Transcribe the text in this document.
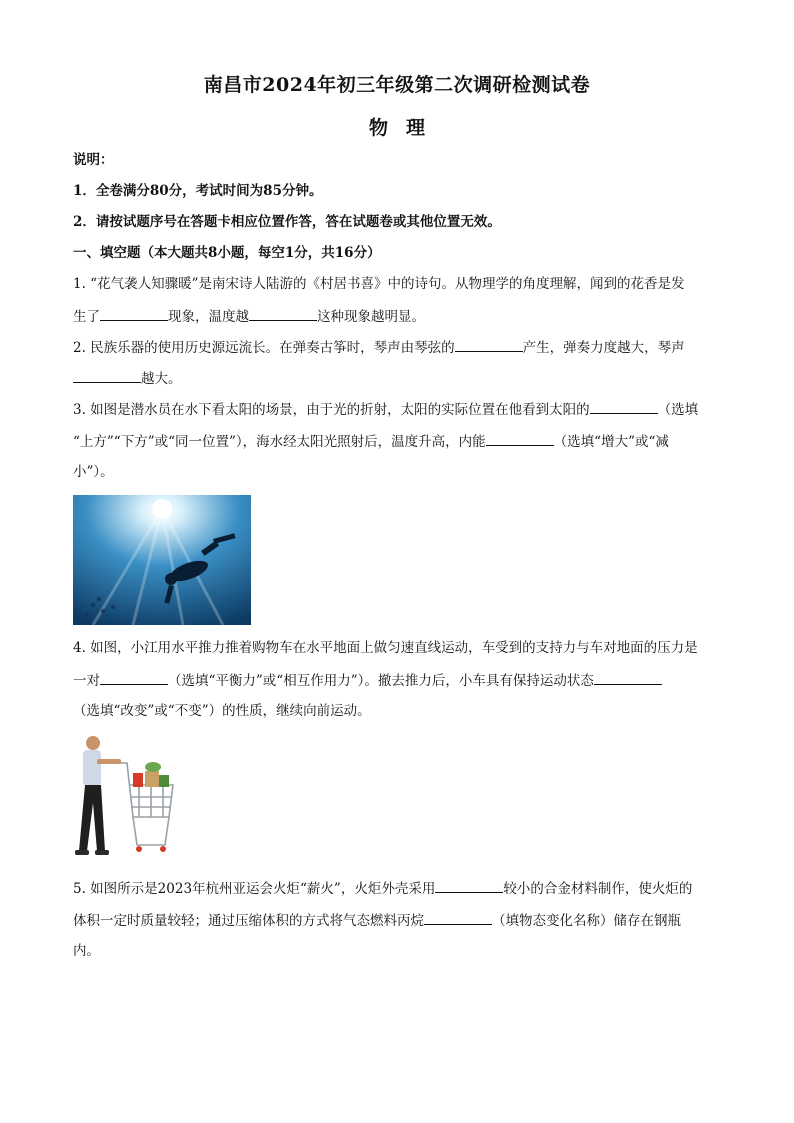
南昌市2024年初三年级第二次调研检测试卷
物理
说明：
1．全卷满分80分，考试时间为85分钟。
2．请按试题序号在答题卡相应位置作答，答在试题卷或其他位置无效。
一、填空题（本大题共8小题，每空1分，共16分）
1. “花气袭人知骤暖”是南宋诗人陆游的《村居书喜》中的诗句。从物理学的角度理解，闻到的花香是发
生了	现象，温度越	这种现象越明显。
2. 民族乐器的使用历史源远流长。在弹奏古筝时，琴声由琴弦的	产生，弹奏力度越大，琴声
越大。
3. 如图是潜水员在水下看太阳的场景，由于光的折射，太阳的实际位置在他看到太阳的	（选填
“上方”“下方”或“同一位置”），海水经太阳光照射后，温度升高，内能	（选填“增大”或“减
小”）。
4. 如图，小江用水平推力推着购物车在水平地面上做匀速直线运动，车受到的支持力与车对地面的压力是
一对	（选填“平衡力”或“相互作用力”）。撤去推力后，小车具有保持运动状态
（选填“改变”或“不变”）的性质，继续向前运动。
5. 如图所示是2023年杭州亚运会火炬“薪火”，火炬外壳采用	较小的合金材料制作，使火炬的
体积一定时质量较轻；通过压缩体积的方式将气态燃料丙烷	（填物态变化名称）储存在钢瓶
内。
